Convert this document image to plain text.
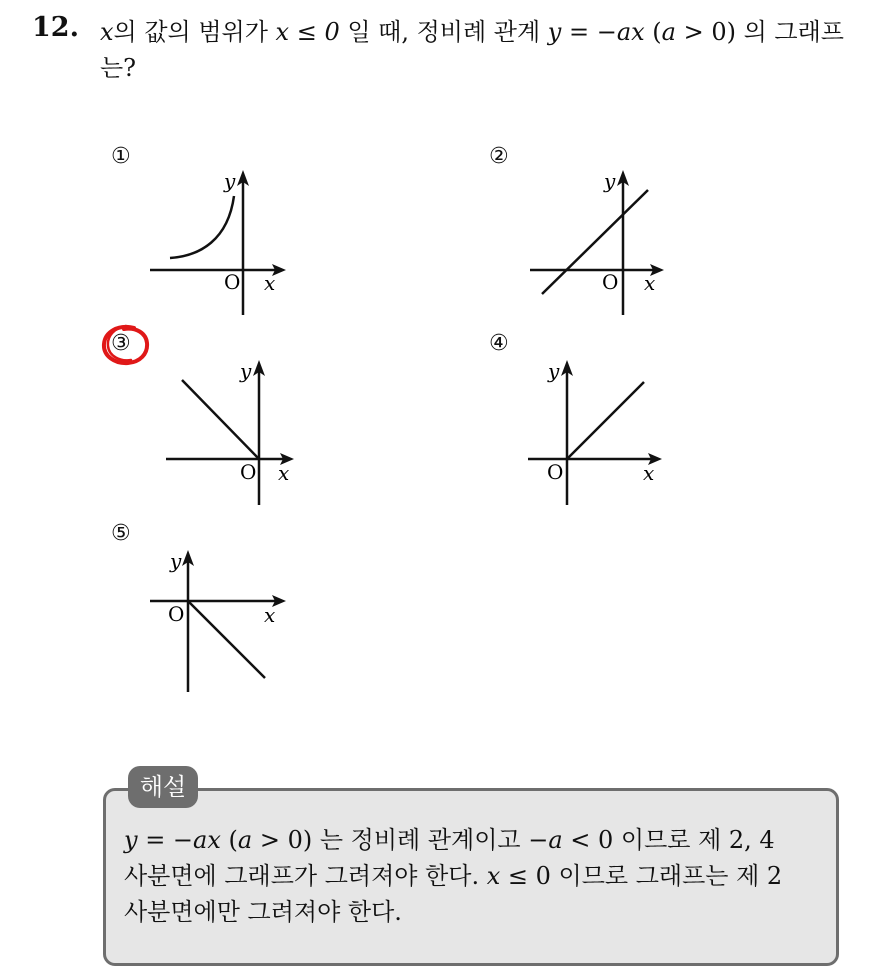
12. x의 값의 범위가 x ≤ 0 일 때, 정비례 관계 y = −ax (a > 0) 의 그래프
는?
①	②
③	④
⑤
O x
y
O x
y
O x
y
O	x
y
O	x
y
해설
y = −ax (a > 0) 는 정비례 관계이고 −a < 0 이므로 제 2, 4
사분면에 그래프가 그려져야 한다. x ≤ 0 이므로 그래프는 제 2
사분면에만 그려져야 한다.
